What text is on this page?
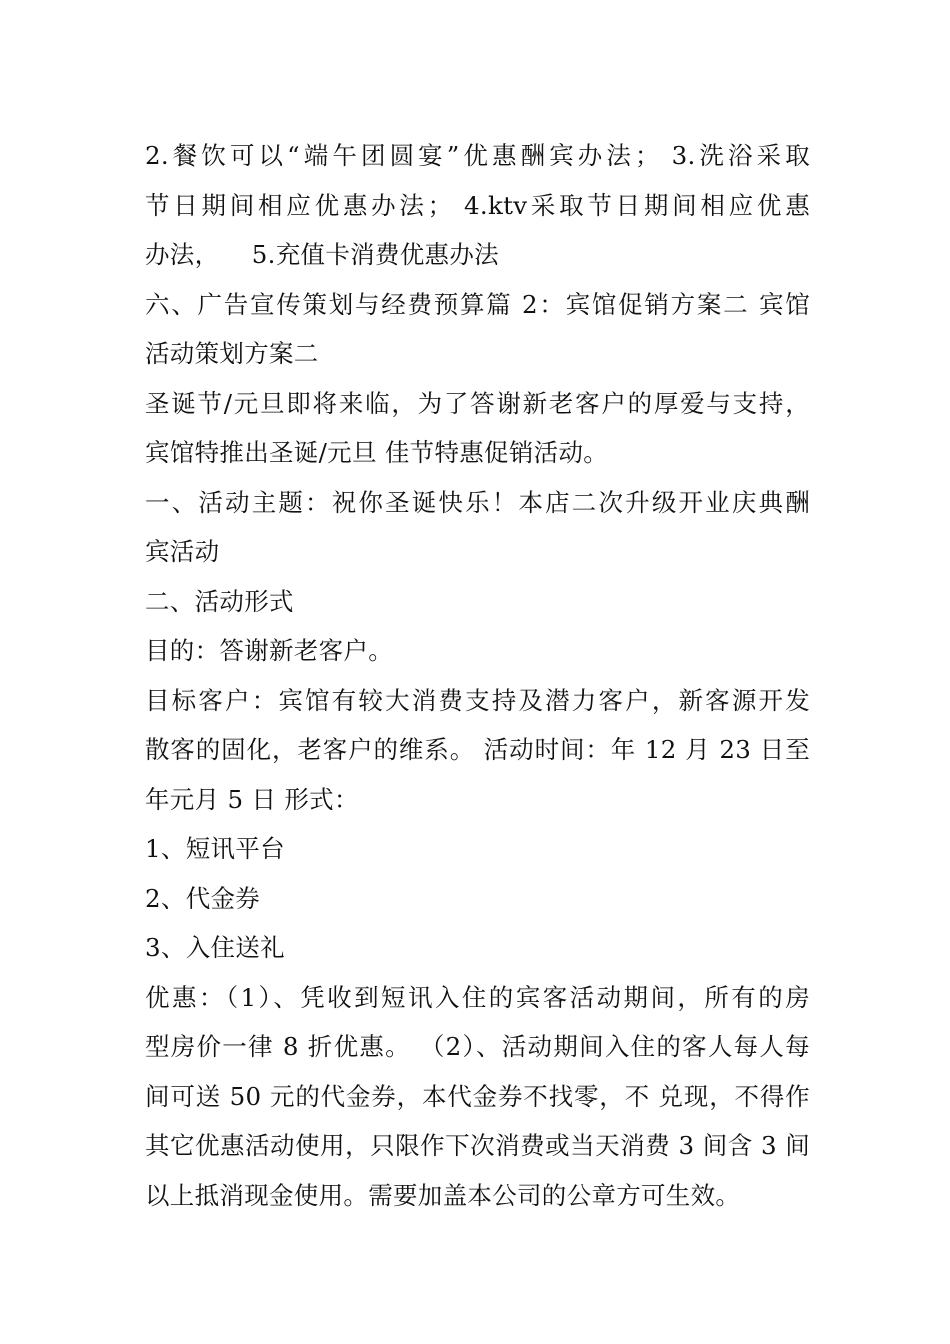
2.餐饮可以“端午团圆宴”优惠酬宾办法； 3.洗浴采取
节日期间相应优惠办法； 4.ktv采取节日期间相应优惠
办法，    5.充值卡消费优惠办法
六、广告宣传策划与经费预算篇 2：宾馆促销方案二 宾馆
活动策划方案二
圣诞节/元旦即将来临，为了答谢新老客户的厚爱与支持，
宾馆特推出圣诞/元旦 佳节特惠促销活动。
一、活动主题：祝你圣诞快乐！本店二次升级开业庆典酬
宾活动
二、活动形式
目的：答谢新老客户。
目标客户：宾馆有较大消费支持及潜力客户，新客源开发
散客的固化，老客户的维系。 活动时间：年 12 月 23 日至
年元月 5 日 形式：
1、短讯平台
2、代金券
3、入住送礼
优惠：（1）、凭收到短讯入住的宾客活动期间，所有的房
型房价一律 8 折优惠。 （2）、活动期间入住的客人每人每
间可送 50 元的代金券，本代金券不找零，不 兑现，不得作
其它优惠活动使用，只限作下次消费或当天消费 3 间含 3 间
以上抵消现金使用。需要加盖本公司的公章方可生效。
